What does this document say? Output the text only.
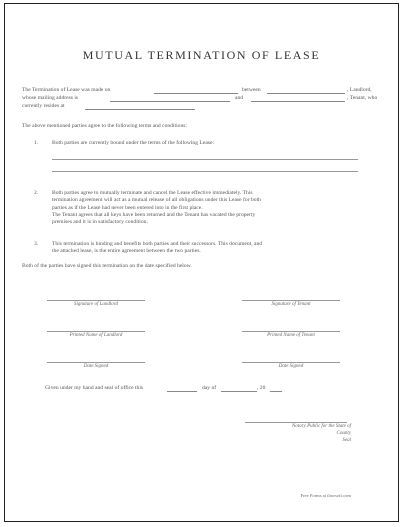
MUTUAL TERMINATION OF LEASE
The Termination of Lease was made on	between	, Landlord,
whose mailing address is	and	, Tenant, who
currently resides at
The above mentioned parties agree to the following terms and conditions:
1. Both parties are currently bound under the terms of the following Lease:
2. Both parties agree to mutually terminate and cancel the Lease effective immediately. This
termination agreement will act as a mutual release of all obligations under this Lease for both
parties as if the Lease had never been entered into in the first place.
The Tenant agrees that all keys have been returned and the Tenant has vacated the property
premises and it is in satisfactory condition.
3. This termination is binding and benefits both parties and their successors. This document, and
the attached lease, is the entire agreement between the two parties.
Both of the parties have signed this termination on the date specified below.
Signature of Landlord	Signature of Tenant
Printed Name of Landlord	Printed Name of Tenant
Date Signed	Date Signed
Given under my hand and seal of office this	day of	, 20
Notary Public for the State of
County
Seal
Free Forms at ilawsoft.com
